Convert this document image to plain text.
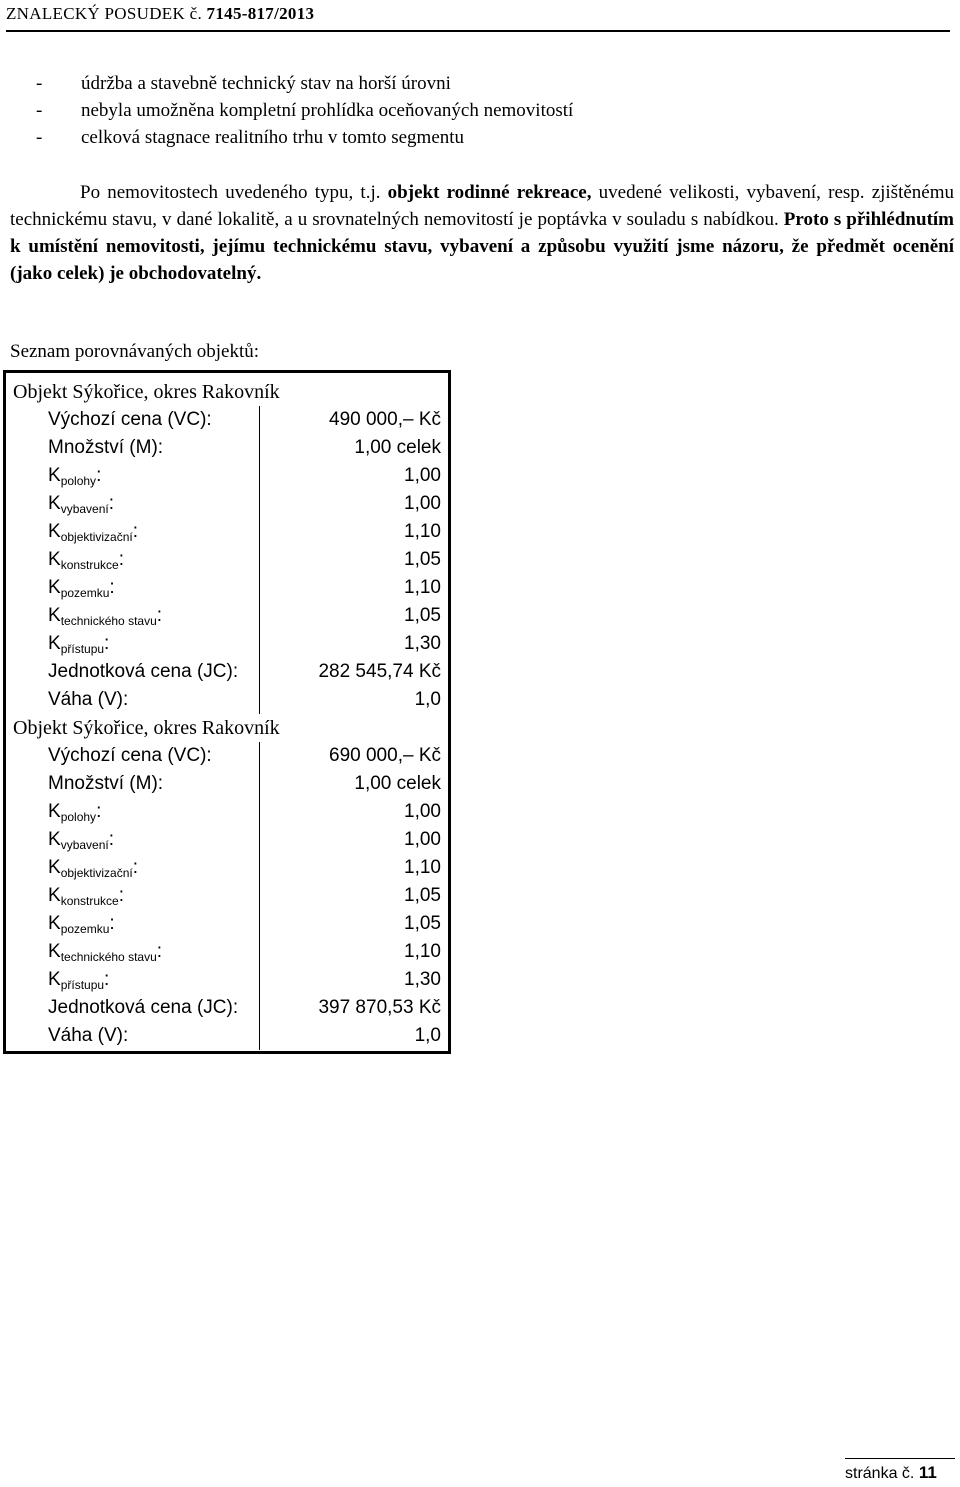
ZNALECKÝ POSUDEK č. 7145-817/2013
- údržba a stavebně technický stav na horší úrovni
- nebyla umožněna kompletní prohlídka oceňovaných nemovitostí
- celková stagnace realitního trhu v tomto segmentu
Po nemovitostech uvedeného typu, t.j. objekt rodinné rekreace, uvedené velikosti, vybavení, resp. zjištěnému technickému stavu, v dané lokalitě, a u srovnatelných nemovitostí je poptávka v souladu s nabídkou. Proto s přihlédnutím k umístění nemovitosti, jejímu technickému stavu, vybavení a způsobu využití jsme názoru, že předmět ocenění (jako celek) je obchodovatelný.
Seznam porovnávaných objektů:
Objekt Sýkořice, okres Rakovník
Výchozí cena (VC):	490 000,– Kč
Množství (M):	1,00 celek
$K_{polohy}$:	1,00
$K_{vybavení}$:	1,00
$K_{objektivizační}$:	1,10
$K_{konstrukce}$:	1,05
$K_{pozemku}$:	1,10
$K_{technického stavu}$:	1,05
$K_{přístupu}$:	1,30
Jednotková cena (JC):	282 545,74 Kč
Váha (V):	1,0
Objekt Sýkořice, okres Rakovník
Výchozí cena (VC):	690 000,– Kč
Množství (M):	1,00 celek
$K_{polohy}$:	1,00
$K_{vybavení}$:	1,00
$K_{objektivizační}$:	1,10
$K_{konstrukce}$:	1,05
$K_{pozemku}$:	1,05
$K_{technického stavu}$:	1,10
$K_{přístupu}$:	1,30
Jednotková cena (JC):	397 870,53 Kč
Váha (V):	1,0
stránka č. 11
